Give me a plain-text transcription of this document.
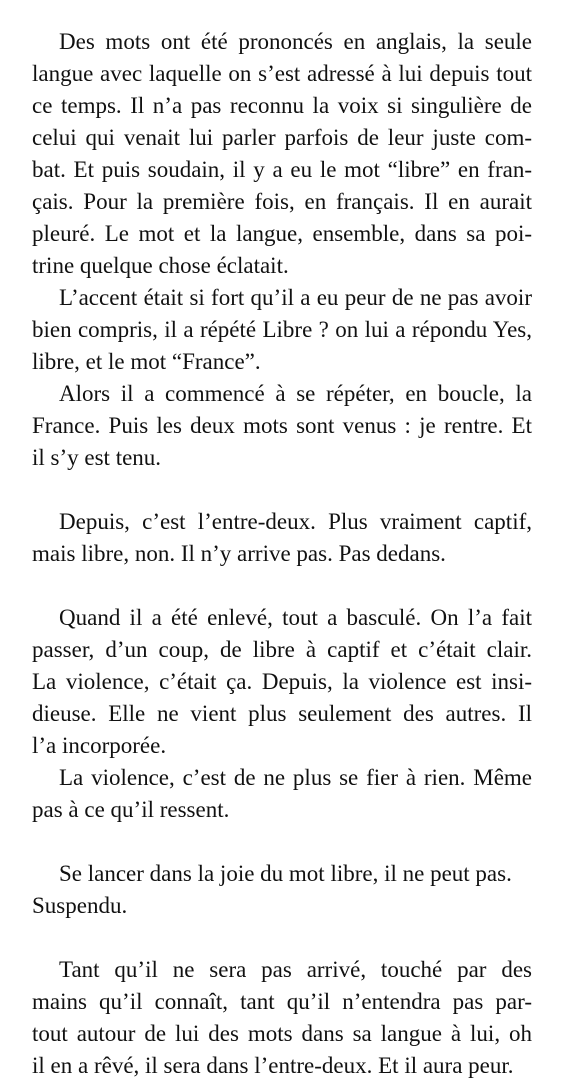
Des mots ont été prononcés en anglais, la seule
langue avec laquelle on s’est adressé à lui depuis tout
ce temps. Il n’a pas reconnu la voix si singulière de
celui qui venait lui parler parfois de leur juste com-
bat. Et puis soudain, il y a eu le mot “libre” en fran-
çais. Pour la première fois, en français. Il en aurait
pleuré. Le mot et la langue, ensemble, dans sa poi-
trine quelque chose éclatait.
L’accent était si fort qu’il a eu peur de ne pas avoir
bien compris, il a répété Libre ? on lui a répondu Yes,
libre, et le mot “France”.
Alors il a commencé à se répéter, en boucle, la
France. Puis les deux mots sont venus : je rentre. Et
il s’y est tenu.
Depuis, c’est l’entre-deux. Plus vraiment captif,
mais libre, non. Il n’y arrive pas. Pas dedans.
Quand il a été enlevé, tout a basculé. On l’a fait
passer, d’un coup, de libre à captif et c’était clair.
La violence, c’était ça. Depuis, la violence est insi-
dieuse. Elle ne vient plus seulement des autres. Il
l’a incorporée.
La violence, c’est de ne plus se fier à rien. Même
pas à ce qu’il ressent.
Se lancer dans la joie du mot libre, il ne peut pas.
Suspendu.
Tant qu’il ne sera pas arrivé, touché par des
mains qu’il connaît, tant qu’il n’entendra pas par-
tout autour de lui des mots dans sa langue à lui, oh
il en a rêvé, il sera dans l’entre-deux. Et il aura peur.
